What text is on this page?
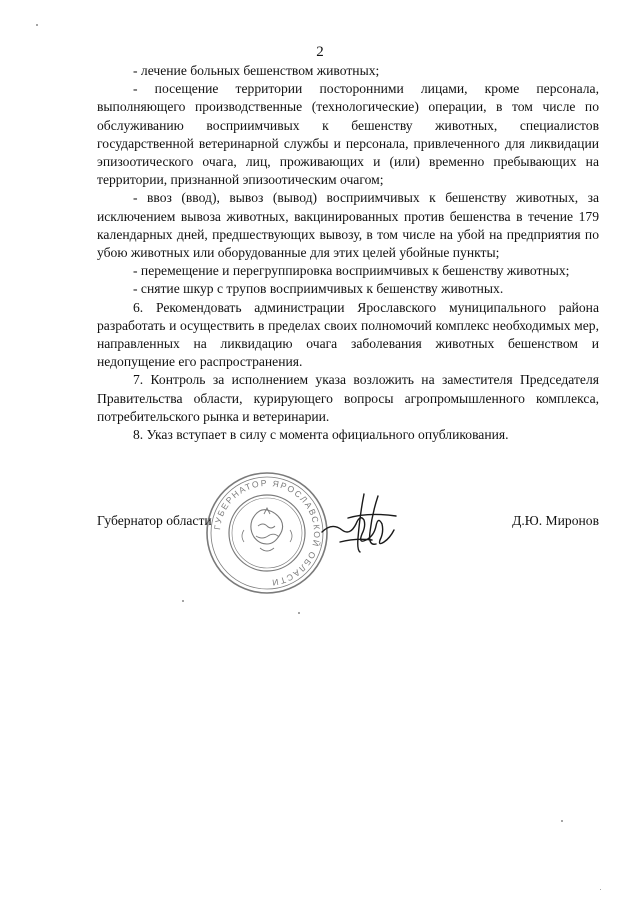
2

- лечение больных бешенством животных;

- посещение территории посторонними лицами, кроме персонала, выполняющего производственные (технологические) операции, в том числе по обслуживанию восприимчивых к бешенству животных, специалистов государственной ветеринарной службы и персонала, привлеченного для ликвидации эпизоотического очага, лиц, проживающих и (или) временно пребывающих на территории, признанной эпизоотическим очагом;

- ввоз (ввод), вывоз (вывод) восприимчивых к бешенству животных, за исключением вывоза животных, вакцинированных против бешенства в течение 179 календарных дней, предшествующих вывозу, в том числе на убой на предприятия по убою животных или оборудованные для этих целей убойные пункты;

- перемещение и перегруппировка восприимчивых к бешенству животных;

- снятие шкур с трупов восприимчивых к бешенству животных.

6. Рекомендовать администрации Ярославского муниципального района разработать и осуществить в пределах своих полномочий комплекс необходимых мер, направленных на ликвидацию очага заболевания животных бешенством и недопущение его распространения.

7. Контроль за исполнением указа возложить на заместителя Председателя Правительства области, курирующего вопросы агропромышленного комплекса, потребительского рынка и ветеринарии.

8. Указ вступает в силу с момента официального опубликования.

Губернатор области	Д.Ю. Миронов
ГУБЕРНАТОР ЯРОСЛАВСКОЙ ОБЛАСТИ
